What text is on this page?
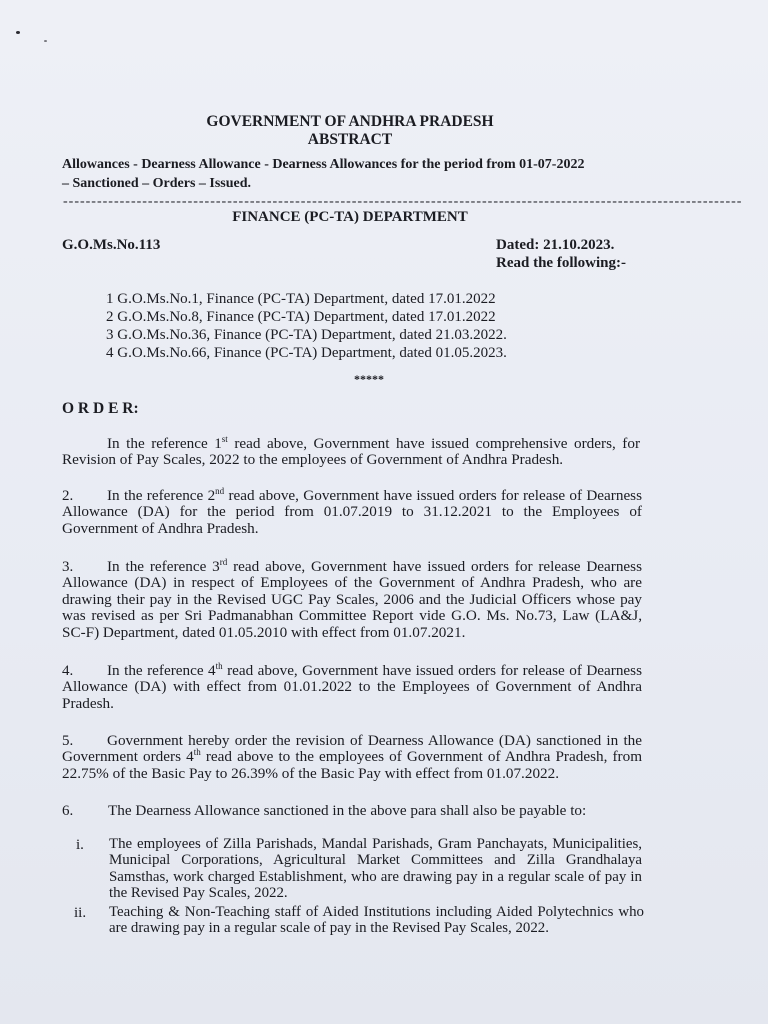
GOVERNMENT OF ANDHRA PRADESH
ABSTRACT
Allowances - Dearness Allowance - Dearness Allowances for the period from 01-07-2022
– Sanctioned – Orders – Issued.
------------------------------------------------------------------------------------------------------------------------
FINANCE (PC-TA) DEPARTMENT
G.O.Ms.No.113	Dated: 21.10.2023.
Read the following:-
1 G.O.Ms.No.1, Finance (PC-TA) Department, dated 17.01.2022
2 G.O.Ms.No.8, Finance (PC-TA) Department, dated 17.01.2022
3 G.O.Ms.No.36, Finance (PC-TA) Department, dated 21.03.2022.
4 G.O.Ms.No.66, Finance (PC-TA) Department, dated 01.05.2023.
*****
O R D E R:
In the reference 1st read above, Government have issued comprehensive orders, for Revision of Pay Scales, 2022 to the employees of Government of Andhra Pradesh.
2. In the reference 2nd read above, Government have issued orders for release of Dearness Allowance (DA) for the period from 01.07.2019 to 31.12.2021 to the Employees of Government of Andhra Pradesh.
3. In the reference 3rd read above, Government have issued orders for release Dearness Allowance (DA) in respect of Employees of the Government of Andhra Pradesh, who are drawing their pay in the Revised UGC Pay Scales, 2006 and the Judicial Officers whose pay was revised as per Sri Padmanabhan Committee Report vide G.O. Ms. No.73, Law (LA&J, SC-F) Department, dated 01.05.2010 with effect from 01.07.2021.
4. In the reference 4th read above, Government have issued orders for release of Dearness Allowance (DA) with effect from 01.01.2022 to the Employees of Government of Andhra Pradesh.
5. Government hereby order the revision of Dearness Allowance (DA) sanctioned in the Government orders 4th read above to the employees of Government of Andhra Pradesh, from 22.75% of the Basic Pay to 26.39% of the Basic Pay with effect from 01.07.2022.
6. The Dearness Allowance sanctioned in the above para shall also be payable to:
i. The employees of Zilla Parishads, Mandal Parishads, Gram Panchayats, Municipalities, Municipal Corporations, Agricultural Market Committees and Zilla Grandhalaya Samsthas, work charged Establishment, who are drawing pay in a regular scale of pay in the Revised Pay Scales, 2022.
ii. Teaching & Non-Teaching staff of Aided Institutions including Aided Polytechnics who are drawing pay in a regular scale of pay in the Revised Pay Scales, 2022.
